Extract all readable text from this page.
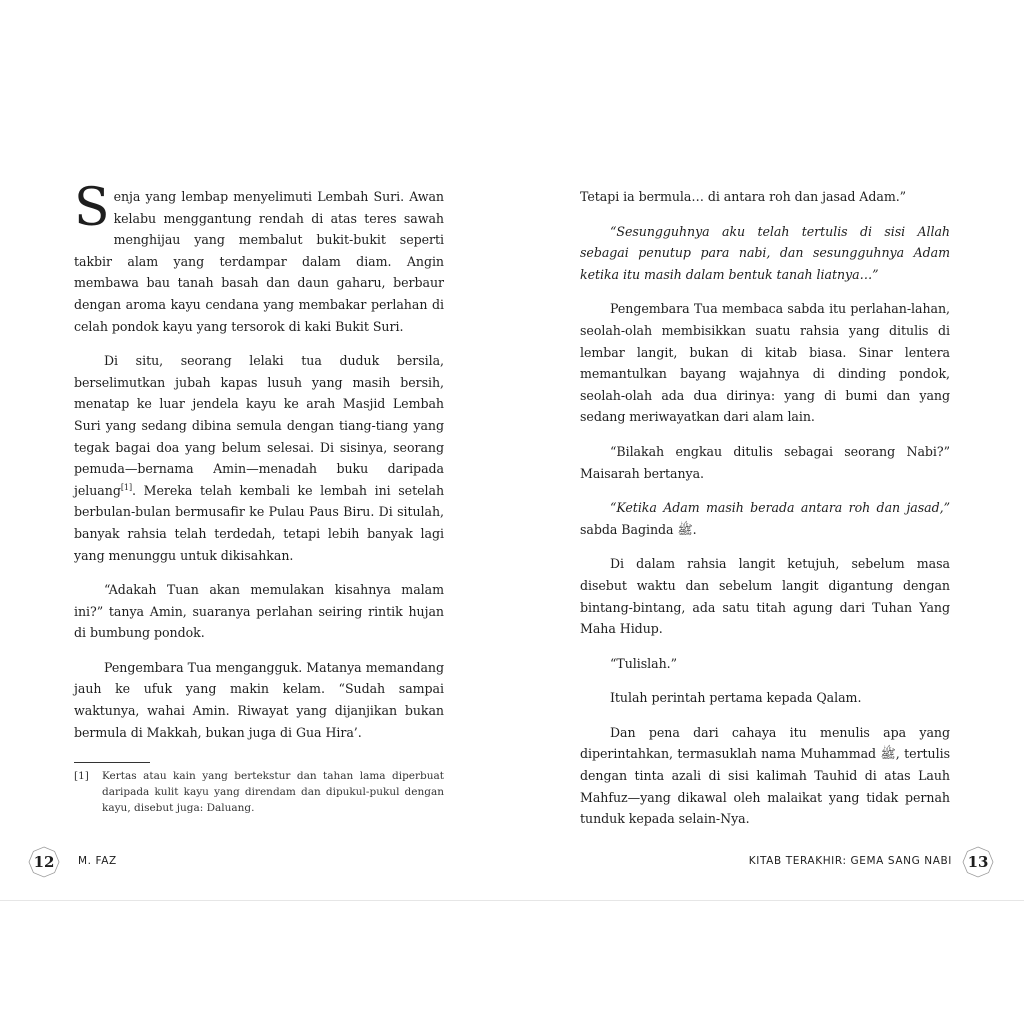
Senja yang lembap menyelimuti Lembah Suri. Awan kelabu menggantung rendah di atas teres sawah menghijau yang membalut bukit-bukit seperti takbir alam yang terdampar dalam diam. Angin membawa bau tanah basah dan daun gaharu, berbaur dengan aroma kayu cendana yang membakar perlahan di celah pondok kayu yang tersorok di kaki Bukit Suri.

Di situ, seorang lelaki tua duduk bersila, berselimutkan jubah kapas lusuh yang masih bersih, menatap ke luar jendela kayu ke arah Masjid Lembah Suri yang sedang dibina semula dengan tiang-tiang yang tegak bagai doa yang belum selesai. Di sisinya, seorang pemuda—bernama Amin—menadah buku daripada jeluang[1]. Mereka telah kembali ke lembah ini setelah berbulan-bulan bermusafir ke Pulau Paus Biru. Di situlah, banyak rahsia telah terdedah, tetapi lebih banyak lagi yang menunggu untuk dikisahkan.

“Adakah Tuan akan memulakan kisahnya malam ini?” tanya Amin, suaranya perlahan seiring rintik hujan di bumbung pondok.

Pengembara Tua mengangguk. Matanya memandang jauh ke ufuk yang makin kelam. “Sudah sampai waktunya, wahai Amin. Riwayat yang dijanjikan bukan bermula di Makkah, bukan juga di Gua Hira’.

[1]	Kertas atau kain yang bertekstur dan tahan lama diperbuat daripada kulit kayu yang direndam dan dipukul-pukul dengan kayu, disebut juga: Daluang.
12	M. FAZ

Tetapi ia bermula… di antara roh dan jasad Adam.”

“Sesungguhnya aku telah tertulis di sisi Allah sebagai penutup para nabi, dan sesungguhnya Adam ketika itu masih dalam bentuk tanah liatnya…”

Pengembara Tua membaca sabda itu perlahan-lahan, seolah-olah membisikkan suatu rahsia yang ditulis di lembar langit, bukan di kitab biasa. Sinar lentera memantulkan bayang wajahnya di dinding pondok, seolah-olah ada dua dirinya: yang di bumi dan yang sedang meriwayatkan dari alam lain.

“Bilakah engkau ditulis sebagai seorang Nabi?” Maisarah bertanya.

“Ketika Adam masih berada antara roh dan jasad,” sabda Baginda ﷺ.

Di dalam rahsia langit ketujuh, sebelum masa disebut waktu dan sebelum langit digantung dengan bintang-bintang, ada satu titah agung dari Tuhan Yang Maha Hidup.

“Tulislah.”

Itulah perintah pertama kepada Qalam.

Dan pena dari cahaya itu menulis apa yang diperintahkan, termasuklah nama Muhammad ﷺ, tertulis dengan tinta azali di sisi kalimah Tauhid di atas Lauh Mahfuz—yang dikawal oleh malaikat yang tidak pernah tunduk kepada selain-Nya.

KITAB TERAKHIR: GEMA SANG NABI	13
